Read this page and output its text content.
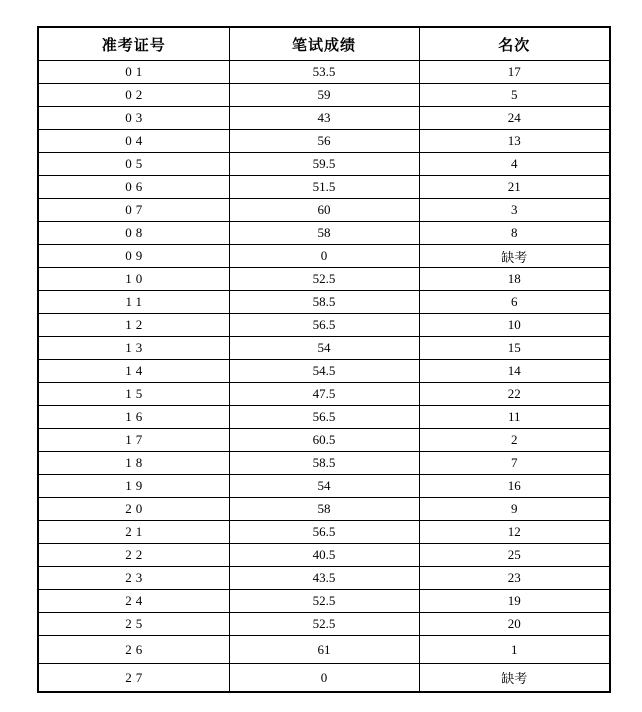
准考证号	笔试成绩	名次
01	53.5	17
02	59	5
03	43	24
04	56	13
05	59.5	4
06	51.5	21
07	60	3
08	58	8
09	0	缺考
10	52.5	18
11	58.5	6
12	56.5	10
13	54	15
14	54.5	14
15	47.5	22
16	56.5	11
17	60.5	2
18	58.5	7
19	54	16
20	58	9
21	56.5	12
22	40.5	25
23	43.5	23
24	52.5	19
25	52.5	20
26	61	1
27	0	缺考
